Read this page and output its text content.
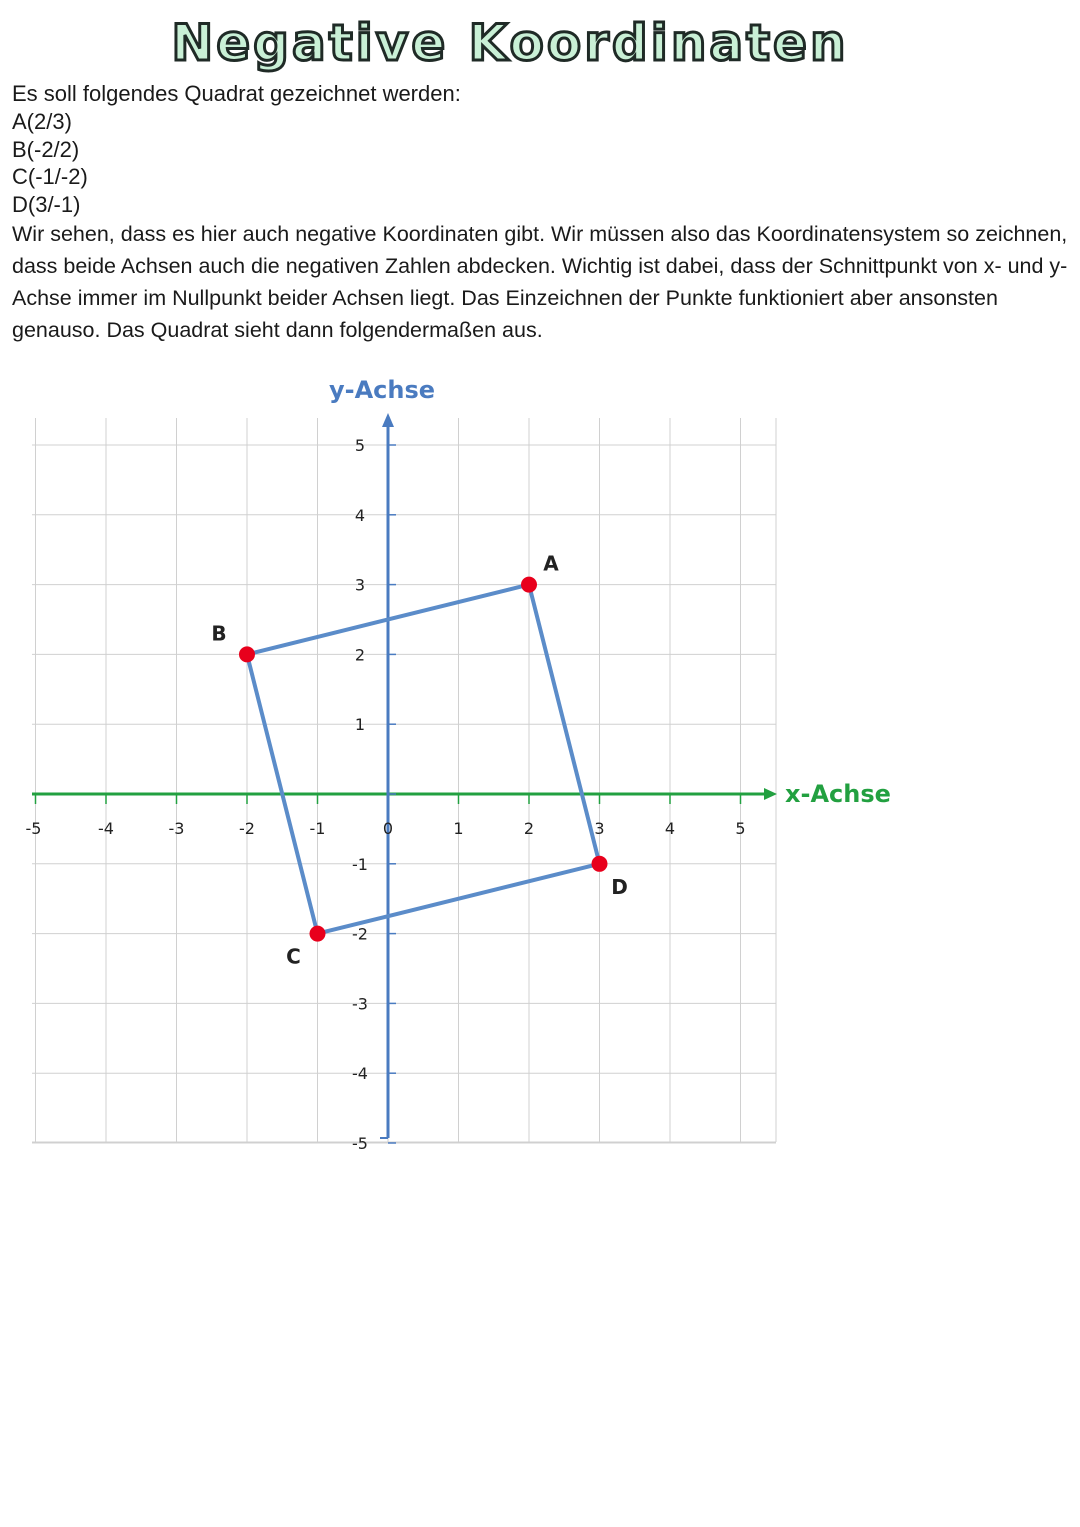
Negative Koordinaten

Es soll folgendes Quadrat gezeichnet werden:

A(2/3)
B(-2/2)
C(-1/-2)
D(3/-1)

Wir sehen, dass es hier auch negative Koordinaten gibt. Wir müssen also das Koordinatensystem so zeichnen, dass beide Achsen auch die negativen Zahlen abdecken. Wichtig ist dabei, dass der Schnittpunkt von x- und y-Achse immer im Nullpunkt beider Achsen liegt. Das Einzeichnen der Punkte funktioniert aber ansonsten genauso. Das Quadrat sieht dann folgendermaßen aus.

-5	-4	-3	-2	-1	0	1	2	3	4	5
5
4
3
2
1
-1
-2
-3
-4
-5
y-Achse
x-Achse
A
B
C
D
